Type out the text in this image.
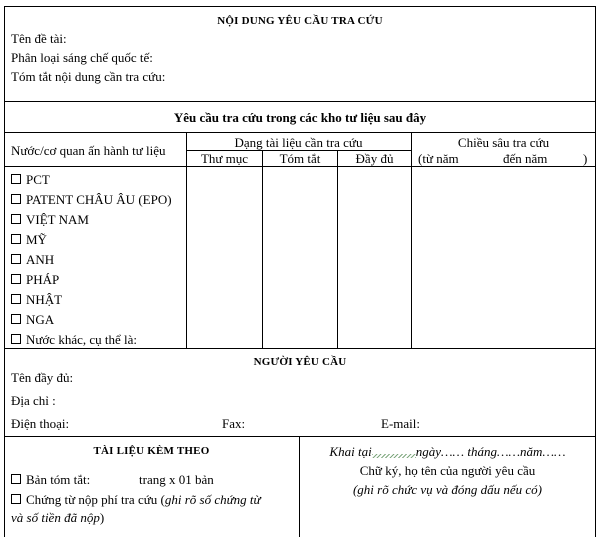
NỘI DUNG YÊU CẦU TRA CỨU
Tên đề tài:
Phân loại sáng chế quốc tế:
Tóm tắt nội dung cần tra cứu:
Yêu cầu tra cứu trong các kho tư liệu sau đây
Nước/cơ quan ấn hành tư liệu
Dạng tài liệu cần tra cứu
Thư mục	Tóm tắt	Đầy đủ
Chiều sâu tra cứu
(từ năm	đến năm	)
PCT
PATENT CHÂU ÂU (EPO)
VIỆT NAM
MỸ
ANH
PHÁP
NHẬT
NGA
Nước khác, cụ thể là:
NGƯỜI YÊU CẦU
Tên đầy đủ:
Địa chỉ :
Điện thoại:	Fax:	E-mail:
TÀI LIỆU KÈM THEO
Bản tóm tắt:	trang x 01 bản
Chứng từ nộp phí tra cứu (ghi rõ số chứng từ
và số tiền đã nộp)
Khai tại	ngày…… tháng……năm……
Chữ ký, họ tên của người yêu cầu
(ghi rõ chức vụ và đóng dấu nếu có)
